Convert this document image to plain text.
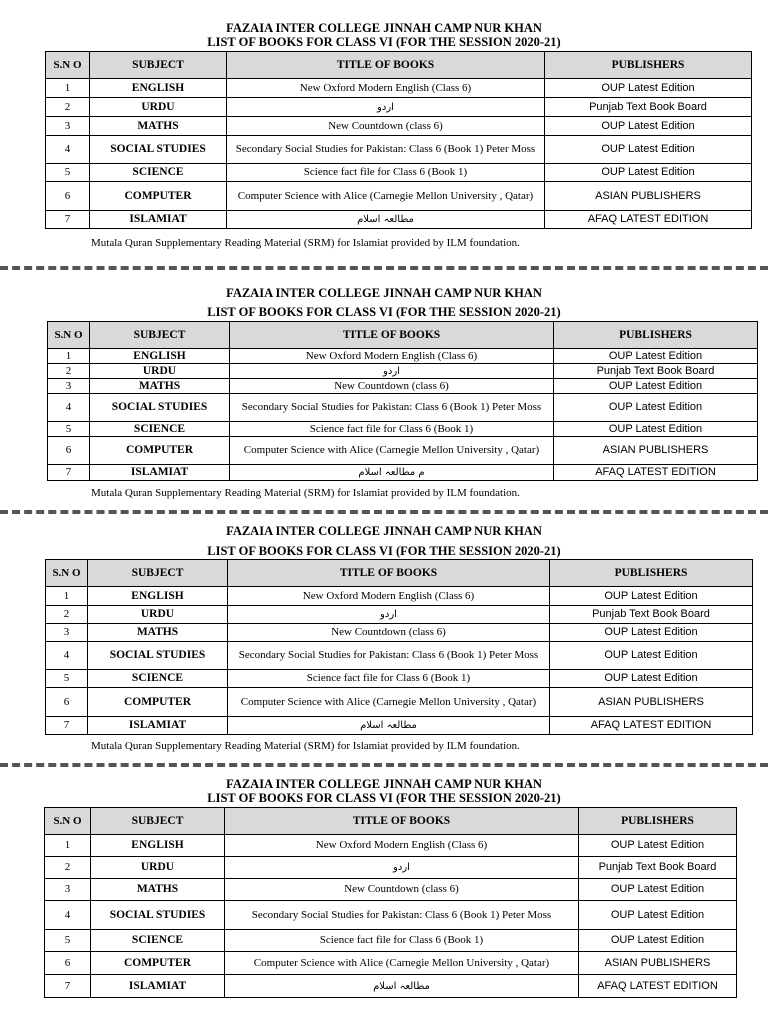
FAZAIA INTER COLLEGE JINNAH CAMP NUR KHAN
LIST OF BOOKS FOR CLASS VI (FOR THE SESSION 2020-21)
S.N O	SUBJECT	TITLE OF BOOKS	PUBLISHERS
1	ENGLISH	New Oxford Modern English (Class 6)	OUP Latest Edition
2	URDU	اردو	Punjab Text Book Board
3	MATHS	New Countdown (class 6)	OUP Latest Edition
4	SOCIAL STUDIES	Secondary Social Studies for Pakistan: Class 6 (Book 1) Peter Moss	OUP Latest Edition
5	SCIENCE	Science fact file for Class 6 (Book 1)	OUP Latest Edition
6	COMPUTER	Computer Science with Alice (Carnegie Mellon University , Qatar)	ASIAN PUBLISHERS
7	ISLAMIAT	مطالعہ اسلام	AFAQ LATEST EDITION
Mutala Quran Supplementary Reading Material (SRM) for Islamiat provided by ILM foundation.
FAZAIA INTER COLLEGE JINNAH CAMP NUR KHAN
LIST OF BOOKS FOR CLASS VI (FOR THE SESSION 2020-21)
S.N O	SUBJECT	TITLE OF BOOKS	PUBLISHERS
1	ENGLISH	New Oxford Modern English (Class 6)	OUP Latest Edition
2	URDU	اردو	Punjab Text Book Board
3	MATHS	New Countdown (class 6)	OUP Latest Edition
4	SOCIAL STUDIES	Secondary Social Studies for Pakistan: Class 6 (Book 1) Peter Moss	OUP Latest Edition
5	SCIENCE	Science fact file for Class 6 (Book 1)	OUP Latest Edition
6	COMPUTER	Computer Science with Alice (Carnegie Mellon University , Qatar)	ASIAN PUBLISHERS
7	ISLAMIAT	م مطالعہ اسلام	AFAQ LATEST EDITION
Mutala Quran Supplementary Reading Material (SRM) for Islamiat provided by ILM foundation.
FAZAIA INTER COLLEGE JINNAH CAMP NUR KHAN
LIST OF BOOKS FOR CLASS VI (FOR THE SESSION 2020-21)
S.N O	SUBJECT	TITLE OF BOOKS	PUBLISHERS
1	ENGLISH	New Oxford Modern English (Class 6)	OUP Latest Edition
2	URDU	اردو	Punjab Text Book Board
3	MATHS	New Countdown (class 6)	OUP Latest Edition
4	SOCIAL STUDIES	Secondary Social Studies for Pakistan: Class 6 (Book 1) Peter Moss	OUP Latest Edition
5	SCIENCE	Science fact file for Class 6 (Book 1)	OUP Latest Edition
6	COMPUTER	Computer Science with Alice (Carnegie Mellon University , Qatar)	ASIAN PUBLISHERS
7	ISLAMIAT	مطالعہ اسلام	AFAQ LATEST EDITION
Mutala Quran Supplementary Reading Material (SRM) for Islamiat provided by ILM foundation.
FAZAIA INTER COLLEGE JINNAH CAMP NUR KHAN
LIST OF BOOKS FOR CLASS VI (FOR THE SESSION 2020-21)
S.N O	SUBJECT	TITLE OF BOOKS	PUBLISHERS
1	ENGLISH	New Oxford Modern English (Class 6)	OUP Latest Edition
2	URDU	اردو	Punjab Text Book Board
3	MATHS	New Countdown (class 6)	OUP Latest Edition
4	SOCIAL STUDIES	Secondary Social Studies for Pakistan: Class 6 (Book 1) Peter Moss	OUP Latest Edition
5	SCIENCE	Science fact file for Class 6 (Book 1)	OUP Latest Edition
6	COMPUTER	Computer Science with Alice (Carnegie Mellon University , Qatar)	ASIAN PUBLISHERS
7	ISLAMIAT	مطالعہ اسلام	AFAQ LATEST EDITION
